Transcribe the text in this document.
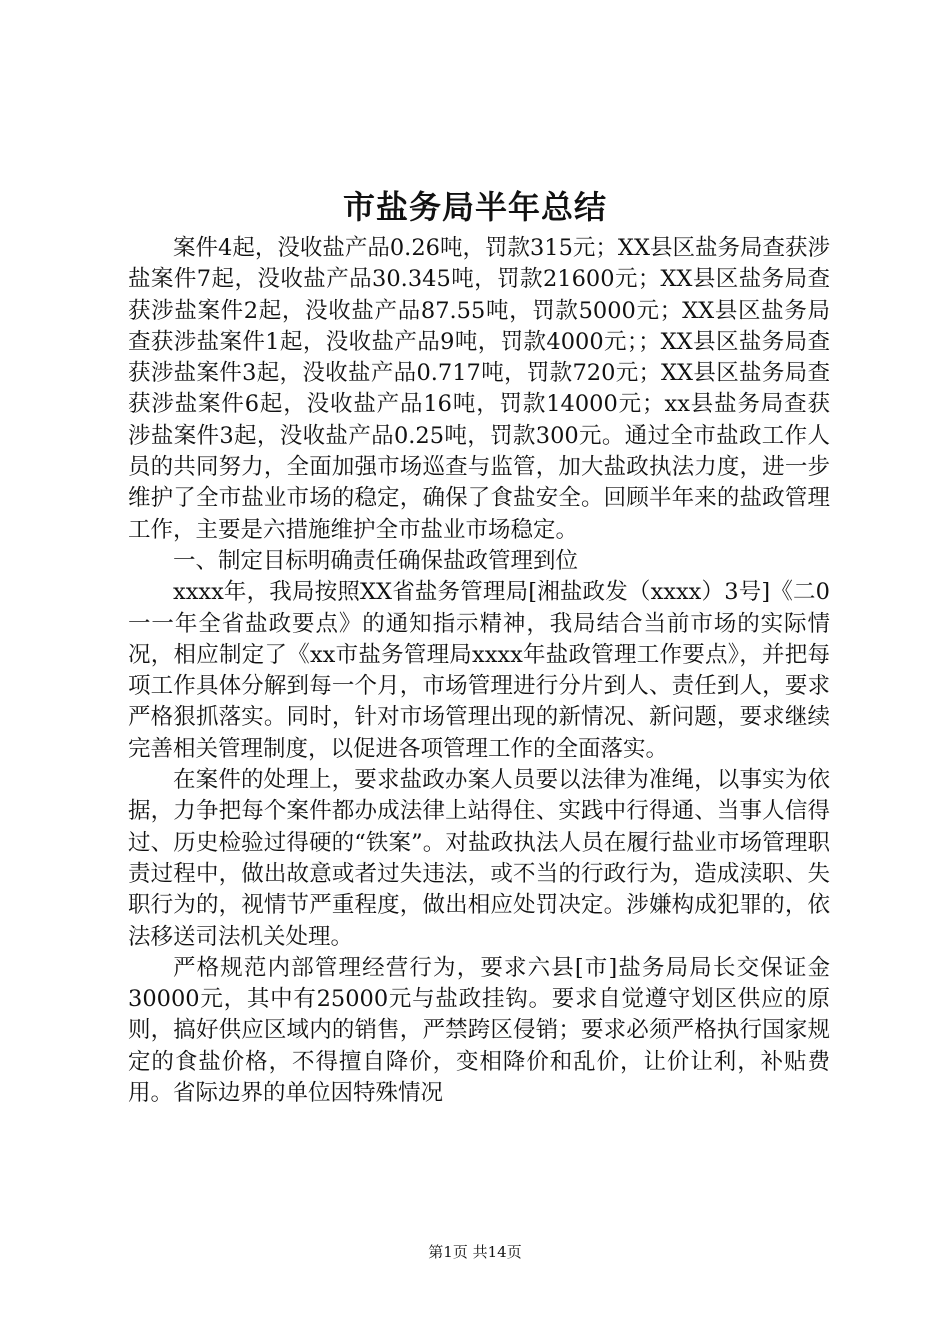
市盐务局半年总结

案件4起，没收盐产品0.26吨，罚款315元；XX县区盐务局查获涉盐案件7起，没收盐产品30.345吨，罚款21600元；XX县区盐务局查获涉盐案件2起，没收盐产品87.55吨，罚款5000元；XX县区盐务局查获涉盐案件1起，没收盐产品9吨，罚款4000元；；XX县区盐务局查获涉盐案件3起，没收盐产品0.717吨，罚款720元；XX县区盐务局查获涉盐案件6起，没收盐产品16吨，罚款14000元；xx县盐务局查获涉盐案件3起，没收盐产品0.25吨，罚款300元。通过全市盐政工作人员的共同努力，全面加强市场巡查与监管，加大盐政执法力度，进一步维护了全市盐业市场的稳定，确保了食盐安全。回顾半年来的盐政管理工作，主要是六措施维护全市盐业市场稳定。

一、制定目标明确责任确保盐政管理到位

xxxx年，我局按照XX省盐务管理局[湘盐政发（xxxx）3号]《二0一一年全省盐政要点》的通知指示精神，我局结合当前市场的实际情况，相应制定了《xx市盐务管理局xxxx年盐政管理工作要点》，并把每项工作具体分解到每一个月，市场管理进行分片到人、责任到人，要求严格狠抓落实。同时，针对市场管理出现的新情况、新问题，要求继续完善相关管理制度，以促进各项管理工作的全面落实。

在案件的处理上，要求盐政办案人员要以法律为准绳，以事实为依据，力争把每个案件都办成法律上站得住、实践中行得通、当事人信得过、历史检验过得硬的“铁案”。对盐政执法人员在履行盐业市场管理职责过程中，做出故意或者过失违法，或不当的行政行为，造成渎职、失职行为的，视情节严重程度，做出相应处罚决定。涉嫌构成犯罪的，依法移送司法机关处理。

严格规范内部管理经营行为，要求六县[市]盐务局局长交保证金30000元，其中有25000元与盐政挂钩。要求自觉遵守划区供应的原则，搞好供应区域内的销售，严禁跨区侵销；要求必须严格执行国家规定的食盐价格，不得擅自降价，变相降价和乱价，让价让利，补贴费用。省际边界的单位因特殊情况

第1页 共14页
